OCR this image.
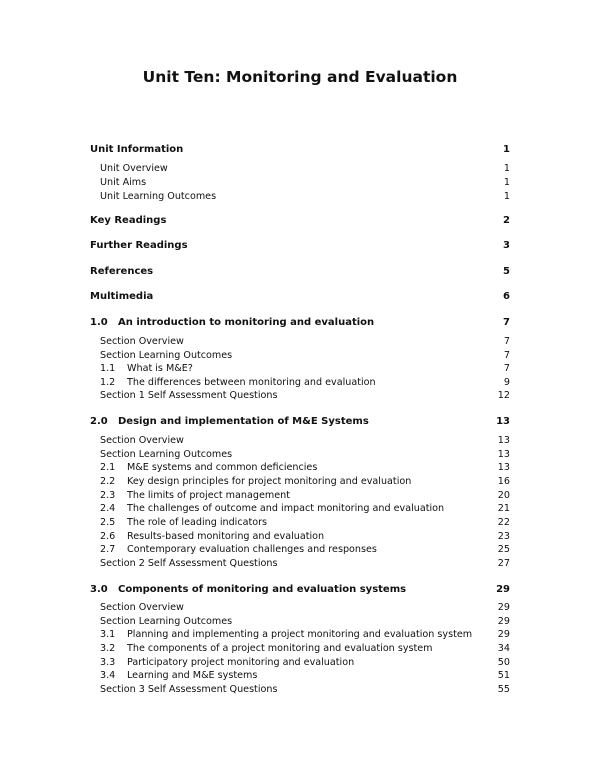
Unit Ten: Monitoring and Evaluation
Unit Information	1
Unit Overview	1
Unit Aims	1
Unit Learning Outcomes	1
Key Readings	2
Further Readings	3
References	5
Multimedia	6
1.0 An introduction to monitoring and evaluation	7
Section Overview	7
Section Learning Outcomes	7
1.1 What is M&E?	7
1.2 The differences between monitoring and evaluation	9
Section 1 Self Assessment Questions	12
2.0 Design and implementation of M&E Systems	13
Section Overview	13
Section Learning Outcomes	13
2.1 M&E systems and common deficiencies	13
2.2 Key design principles for project monitoring and evaluation	16
2.3 The limits of project management	20
2.4 The challenges of outcome and impact monitoring and evaluation	21
2.5 The role of leading indicators	22
2.6 Results-based monitoring and evaluation	23
2.7 Contemporary evaluation challenges and responses	25
Section 2 Self Assessment Questions	27
3.0 Components of monitoring and evaluation systems	29
Section Overview	29
Section Learning Outcomes	29
3.1 Planning and implementing a project monitoring and evaluation system	29
3.2 The components of a project monitoring and evaluation system	34
3.3 Participatory project monitoring and evaluation	50
3.4 Learning and M&E systems	51
Section 3 Self Assessment Questions	55
